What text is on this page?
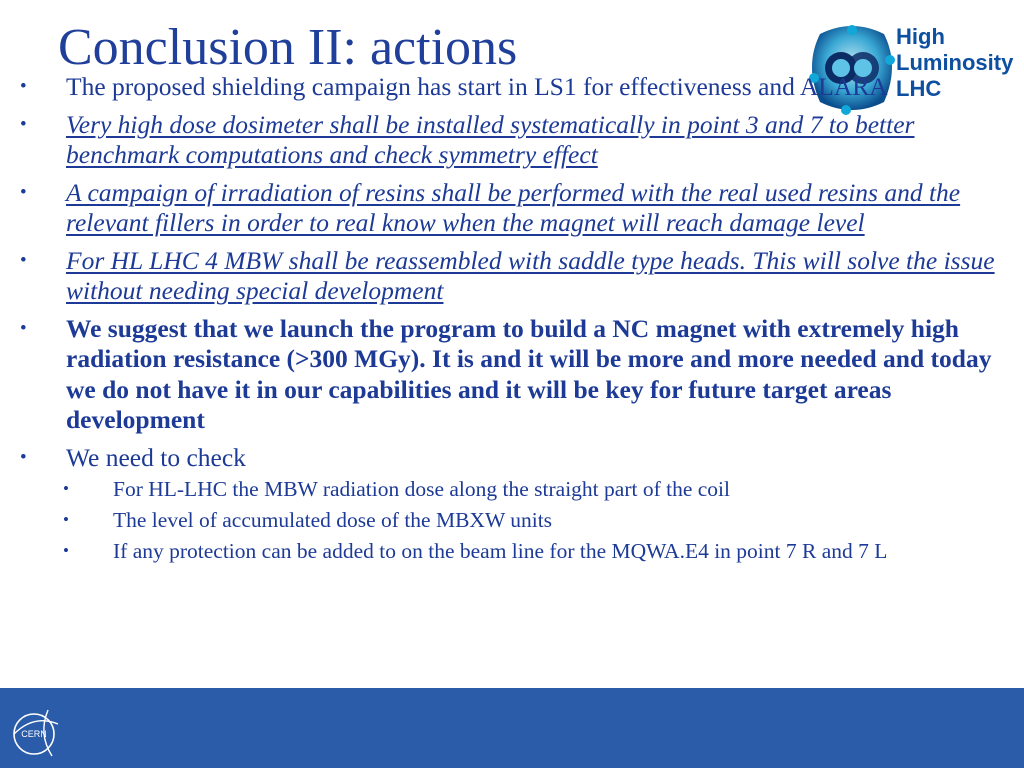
Conclusion II: actions	High
Luminosity
LHC
• The proposed shielding campaign has start in LS1 for effectiveness and ALARA
• Very high dose dosimeter shall be installed systematically in point 3 and 7 to better benchmark computations and check symmetry effect
• A campaign of irradiation of resins shall be performed with the real used resins and the relevant fillers in order to real know when the magnet will reach damage level
• For HL LHC 4 MBW shall be reassembled with saddle type heads. This will solve the issue without needing special development
• We suggest that we launch the program to build a NC magnet with extremely high radiation resistance (>300 MGy). It is and it will be more and more needed and today we do not have it in our capabilities and it will be key for future target areas development
• We need to check
• For HL-LHC the MBW radiation dose along the straight part of the coil
• The level of accumulated dose of the MBXW units
• If any protection can be added to on the beam line for the MQWA.E4 in point 7 R and 7 L
CERN
